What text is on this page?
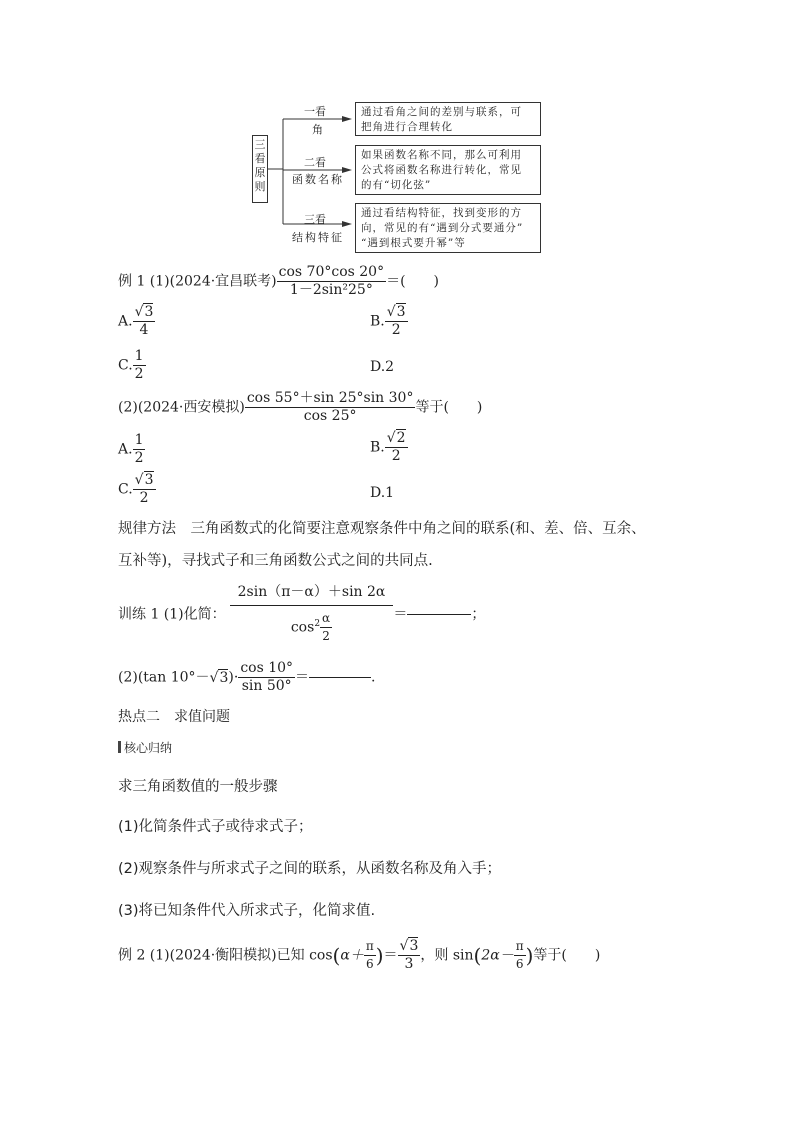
三看原则
一看
角
二看
函数名称
三看
结构特征
通过看角之间的差别与联系，可
把角进行合理转化
如果函数名称不同，那么可利用
公式将函数名称进行转化，常见
的有“切化弦”
通过看结构特征，找到变形的方
向，常见的有“遇到分式要通分”
“遇到根式要升幂”等
例 1 (1)(2024·宜昌联考) $\frac{\cos 70^\circ\cos 20^\circ}{\text{1－2sin²25°}}$ ＝(　　)
A. $\frac{√3}{4}$	B. $\frac{√3}{2}$
C. $\frac{1}{2}$	D.2
(2)(2024·西安模拟) $\frac{\cos 55^\circ+\sin 25^\circ\sin 30^\circ}{\cos 25^\circ}$ 等于(　　)
A. $\frac{1}{2}$	B. $\frac{√2}{2}$
C. $\frac{√3}{2}$	D.1
规律方法　三角函数式的化简要注意观察条件中角之间的联系(和、差、倍、互余、
互补等)，寻找式子和三角函数公式之间的共同点.
训练 1 (1)化简： $\frac{2\sin(\pi-\alpha)+\sin 2\alpha}{\cos^2 \frac{\alpha}{2}}$ ＝	；
(2)(tan $10^\circ-√3)\cdot \frac{\cos 10^\circ}{\sin 50^\circ}$ ＝	.
热点二　求值问题
核心归纳
求三角函数值的一般步骤
(1)化简条件式子或待求式子；
(2)观察条件与所求式子之间的联系，从函数名称及角入手；
(3)将已知条件代入所求式子，化简求值.
例 2 (1)(2024·衡阳模拟)已知 $\cos(\alpha+ \frac{\pi}{6}$ )＝ $\frac{√3}{3}$ ，则 $\sin(2\alpha- \frac{\pi}{6}$ )等于(　　)
